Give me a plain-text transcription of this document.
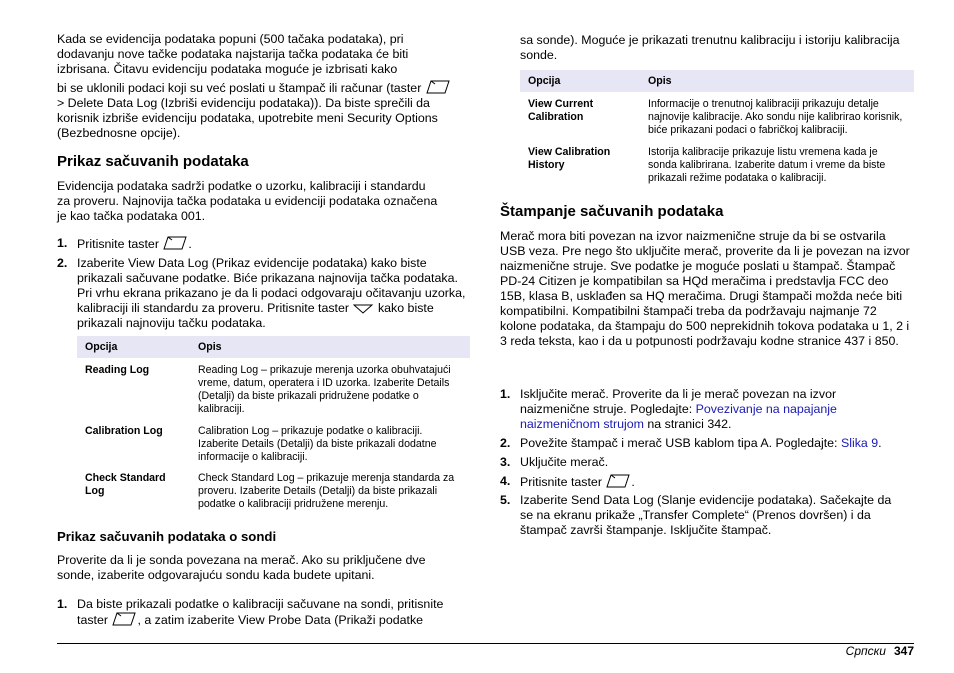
Kada se evidencija podataka popuni (500 tačaka podataka), pri dodavanju nove tačke podataka najstarija tačka podataka će biti izbrisana. Čitavu evidenciju podataka moguće je izbrisati kako

bi se uklonili podaci koji su već poslati u štampač ili računar (taster
> Delete Data Log (Izbriši evidenciju podataka)). Da biste sprečili da korisnik izbriše evidenciju podataka, upotrebite meni Security Options (Bezbednosne opcije).

Prikaz sačuvanih podataka

Evidencija podataka sadrži podatke o uzorku, kalibraciji i standardu za proveru. Najnovija tačka podataka u evidenciji podataka označena je kao tačka podataka 001.

1. Pritisnite taster .
2. Izaberite View Data Log (Prikaz evidencije podataka) kako biste prikazali sačuvane podatke. Biće prikazana najnovija tačka podataka. Pri vrhu ekrana prikazano je da li podaci odgovaraju očitavanju uzorka, kalibraciji ili standardu za proveru. Pritisnite taster kako biste prikazali najnoviju tačku podataka.
Opcija	Opis
Reading Log	Reading Log – prikazuje merenja uzorka obuhvatajući vreme, datum, operatera i ID uzorka. Izaberite Details (Detalji) da biste prikazali pridružene podatke o kalibraciji.
Calibration Log	Calibration Log – prikazuje podatke o kalibraciji. Izaberite Details (Detalji) da biste prikazali dodatne informacije o kalibraciji.
Check Standard Log	Check Standard Log – prikazuje merenja standarda za proveru. Izaberite Details (Detalji) da biste prikazali podatke o kalibraciji pridružene merenju.
Prikaz sačuvanih podataka o sondi

Proverite da li je sonda povezana na merač. Ako su priključene dve sonde, izaberite odgovarajuću sondu kada budete upitani.

1. Da biste prikazali podatke o kalibraciji sačuvane na sondi, pritisnite taster , a zatim izaberite View Probe Data (Prikaži podatke

sa sonde). Moguće je prikazati trenutnu kalibraciju i istoriju kalibracija sonde.

Opcija	Opis
View Current Calibration	Informacije o trenutnoj kalibraciji prikazuju detalje najnovije kalibracije. Ako sondu nije kalibrirao korisnik, biće prikazani podaci o fabričkoj kalibraciji.
View Calibration History	Istorija kalibracije prikazuje listu vremena kada je sonda kalibrirana. Izaberite datum i vreme da biste prikazali režime podataka o kalibraciji.
Štampanje sačuvanih podataka

Merač mora biti povezan na izvor naizmenične struje da bi se ostvarila USB veza. Pre nego što uključite merač, proverite da li je povezan na izvor naizmenične struje. Sve podatke je moguće poslati u štampač. Štampač PD-24 Citizen je kompatibilan sa HQd meračima i predstavlja FCC deo 15B, klasa B, usklađen sa HQ meračima. Drugi štampači možda neće biti kompatibilni. Kompatibilni štampači treba da podržavaju najmanje 72 kolone podataka, da štampaju do 500 neprekidnih tokova podataka u 1, 2 i 3 reda teksta, kao i da u potpunosti podržavaju kodne stranice 437 i 850.

1. Isključite merač. Proverite da li je merač povezan na izvor naizmenične struje. Pogledajte: Povezivanje na napajanje naizmeničnom strujom na stranici 342.
2. Povežite štampač i merač USB kablom tipa A. Pogledajte: Slika 9.
3. Uključite merač.
4. Pritisnite taster .
5. Izaberite Send Data Log (Slanje evidencije podataka). Sačekajte da se na ekranu prikaže „Transfer Complete“ (Prenos dovršen) i da štampač završi štampanje. Isključite štampač.
Српски 347
